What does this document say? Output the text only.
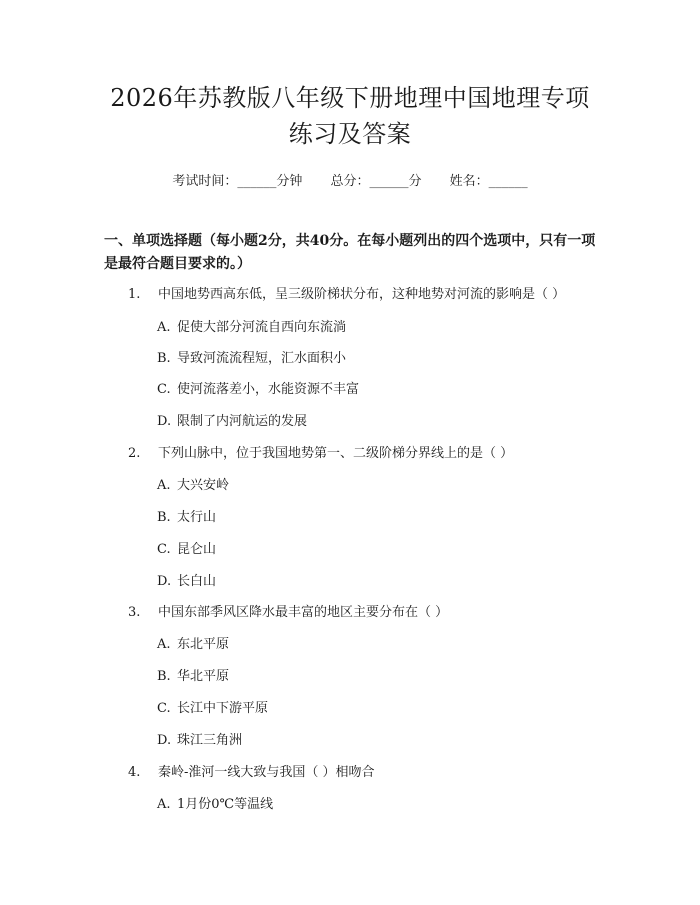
2026年苏教版八年级下册地理中国地理专项
练习及答案
考试时间：______分钟 总分：______分 姓名：______
一、单项选择题（每小题2分，共40分。在每小题列出的四个选项中，只有一项是最符合题目要求的。）
1. 中国地势西高东低，呈三级阶梯状分布，这种地势对河流的影响是（ ）
A. 促使大部分河流自西向东流淌
B. 导致河流流程短，汇水面积小
C. 使河流落差小，水能资源不丰富
D. 限制了内河航运的发展
2. 下列山脉中，位于我国地势第一、二级阶梯分界线上的是（ ）
A. 大兴安岭
B. 太行山
C. 昆仑山
D. 长白山
3. 中国东部季风区降水最丰富的地区主要分布在（ ）
A. 东北平原
B. 华北平原
C. 长江中下游平原
D. 珠江三角洲
4. 秦岭-淮河一线大致与我国（ ）相吻合
A. 1月份0℃等温线
